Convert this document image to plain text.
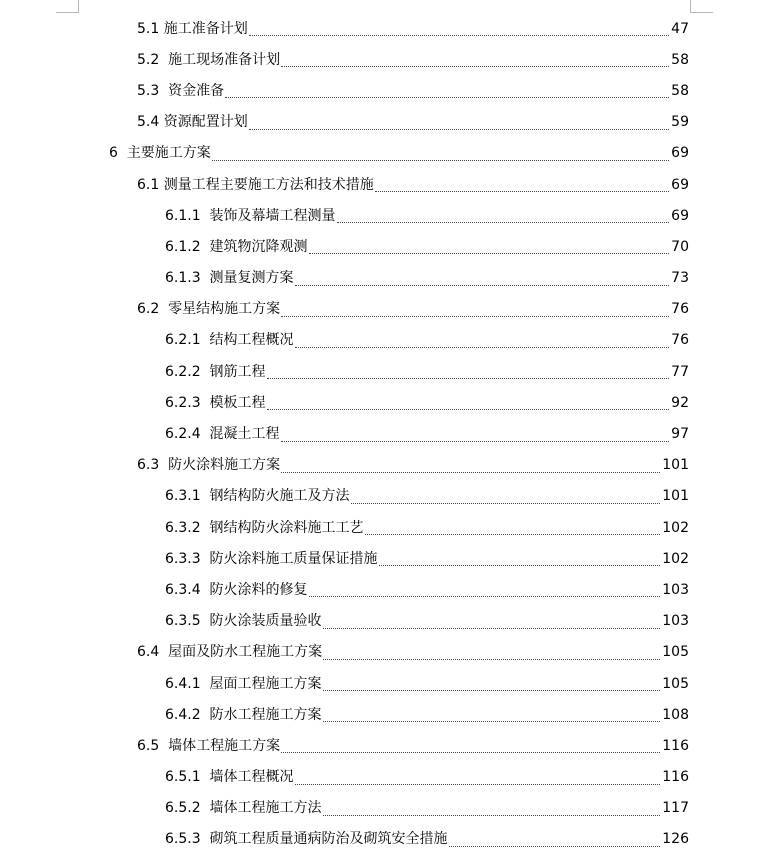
5.1 施工准备计划	47
5.2 施工现场准备计划	58
5.3 资金准备	58
5.4 资源配置计划	59
6 主要施工方案	69
6.1 测量工程主要施工方法和技术措施	69
6.1.1 装饰及幕墙工程测量	69
6.1.2 建筑物沉降观测	70
6.1.3 测量复测方案	73
6.2 零星结构施工方案	76
6.2.1 结构工程概况	76
6.2.2 钢筋工程	77
6.2.3 模板工程	92
6.2.4 混凝土工程	97
6.3 防火涂料施工方案	101
6.3.1 钢结构防火施工及方法	101
6.3.2 钢结构防火涂料施工工艺	102
6.3.3 防火涂料施工质量保证措施	102
6.3.4 防火涂料的修复	103
6.3.5 防火涂装质量验收	103
6.4 屋面及防水工程施工方案	105
6.4.1 屋面工程施工方案	105
6.4.2 防水工程施工方案	108
6.5 墙体工程施工方案	116
6.5.1 墙体工程概况	116
6.5.2 墙体工程施工方法	117
6.5.3 砌筑工程质量通病防治及砌筑安全措施	126
